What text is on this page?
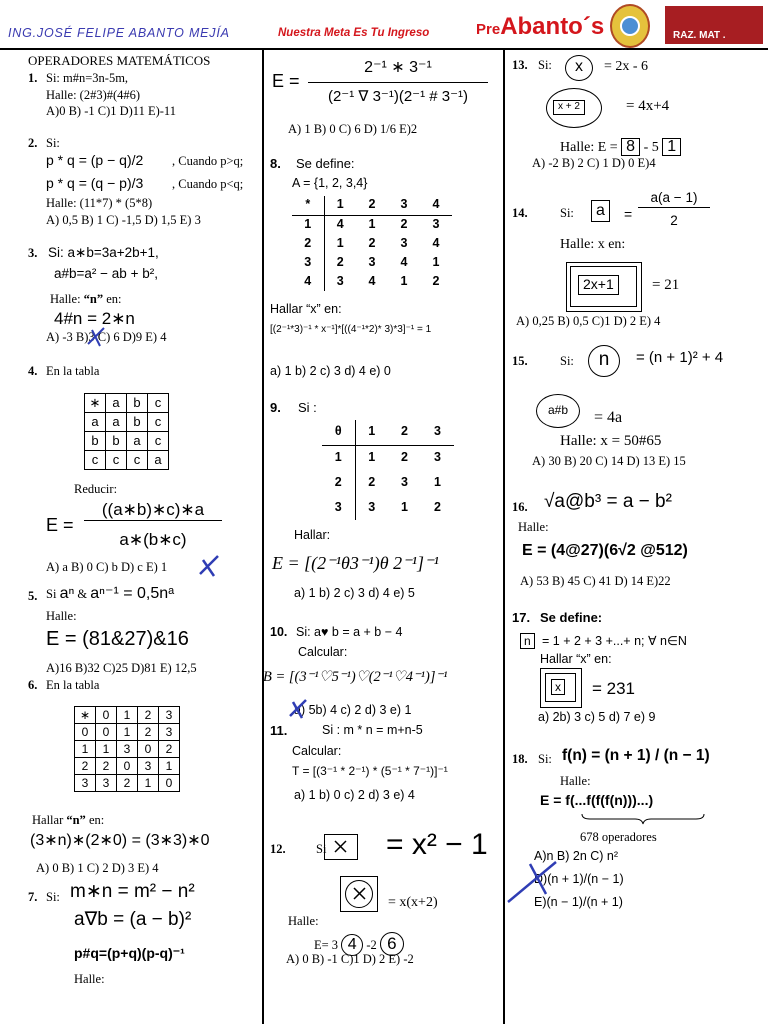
ING.JOSÉ FELIPE ABANTO MEJÍA	Nuestra Meta Es Tu Ingreso	PreAbanto´s	RAZ. MAT .
OPERADORES MATEMÁTICOS
1. Si: m#n=3n-5m,
Halle: (2#3)#(4#6)
A)0 B) -1 C)1 D)11 E)-11
2. Si:
p * q = (p − q)/2 , Cuando p>q;
p * q = (q − p)/3 , Cuando p<q;
Halle: (11*7) * (5*8)
A) 0,5 B) 1 C) -1,5 D) 1,5 E) 3
3. Si: a∗b=3a+2b+1,
a#b=a² − ab + b²,
Halle: “n” en:
4#n = 2∗n
A) -3 B)3 C) 6 D)9 E) 4
4. En la tabla
∗	a	b	c
a	a	b	c
b	b	a	c
c	c	c	a
Reducir:
E =
((a∗b)∗c)∗a
a∗(b∗c)
A) a B) 0 C) b D) c E) 1
5. Si aⁿ & aⁿ⁻¹ = 0,5nᵃ
Halle:
E = (81&27)&16
A)16 B)32 C)25 D)81 E) 12,5
6. En la tabla
∗	0	1	2	3
0	0	1	2	3
1	1	3	0	2
2	2	0	3	1
3	3	2	1	0
Hallar “n” en:
(3∗n)∗(2∗0) = (3∗3)∗0
A) 0 B) 1 C) 2 D) 3 E) 4
7. Si: m∗n = m² − n²
a∇b = (a − b)²
p#q=(p+q)(p-q)⁻¹
Halle:
E =
2⁻¹ ∗ 3⁻¹
(2⁻¹ ∇ 3⁻¹)(2⁻¹ # 3⁻¹)
A) 1 B) 0 C) 6 D) 1/6 E)2
8. Se define:
A = {1, 2, 3,4}
*	1	2	3	4
1	4	1	2	3
2	1	2	3	4
3	2	3	4	1
4	3	4	1	2
Hallar “x” en:
[(2⁻¹*3)⁻¹ * x⁻¹]*[((4⁻¹*2)* 3)*3]⁻¹ = 1
a) 1 b) 2 c) 3 d) 4 e) 0
9. Si :
θ	1	2	3
1	1	2	3
2	2	3	1
3	3	1	2
Hallar:
E = [(2⁻¹θ3⁻¹)θ 2⁻¹]⁻¹
a) 1 b) 2 c) 3 d) 4 e) 5
10. Si: a♥ b = a + b − 4
Calcular:
B = [(3⁻¹♡5⁻¹)♡(2⁻¹♡4⁻¹)]⁻¹
a) 5b) 4 c) 2 d) 3 e) 1
11.	Si : m * n = m+n-5
Calcular:
T = [(3⁻¹ * 2⁻¹) * (5⁻¹ * 7⁻¹)]⁻¹
a) 1 b) 0 c) 2 d) 3 e) 4
12. Si = x² − 1
= x(x+2)
Halle:
E= 3 4 -2 6
A) 0 B) -1 C)1 D) 2 E) -2
13. Si:	x	= 2x - 6
x + 2	= 4x+4
Halle: E = 8 - 5 1
A) -2 B) 2 C) 1 D) 0 E)4
14.	Si:	a	=
a(a − 1)
2
Halle: x en:
2x+1	= 21
A) 0,25 B) 0,5 C)1 D) 2 E) 4
15.	Si:	n	= (n + 1)² + 4
a#b	= 4a
Halle: x = 50#65
A) 30 B) 20 C) 14 D) 13 E) 15
16. √a@b³ = a − b²
Halle:
E = (4@27)(6√2 @512)
A) 53 B) 45 C) 41 D) 14 E)22
17. Se define:
n = 1 + 2 + 3 +...+ n; ∀ n∈N
Hallar “x” en:
x = 231
a) 2b) 3 c) 5 d) 7 e) 9
18. Si: f(n) = (n + 1) / (n − 1)
Halle:
E = f(...f(f(f(n)))...)
678 operadores
A)n B) 2n C) n²
D)(n + 1)/(n − 1)
E)(n − 1)/(n + 1)
